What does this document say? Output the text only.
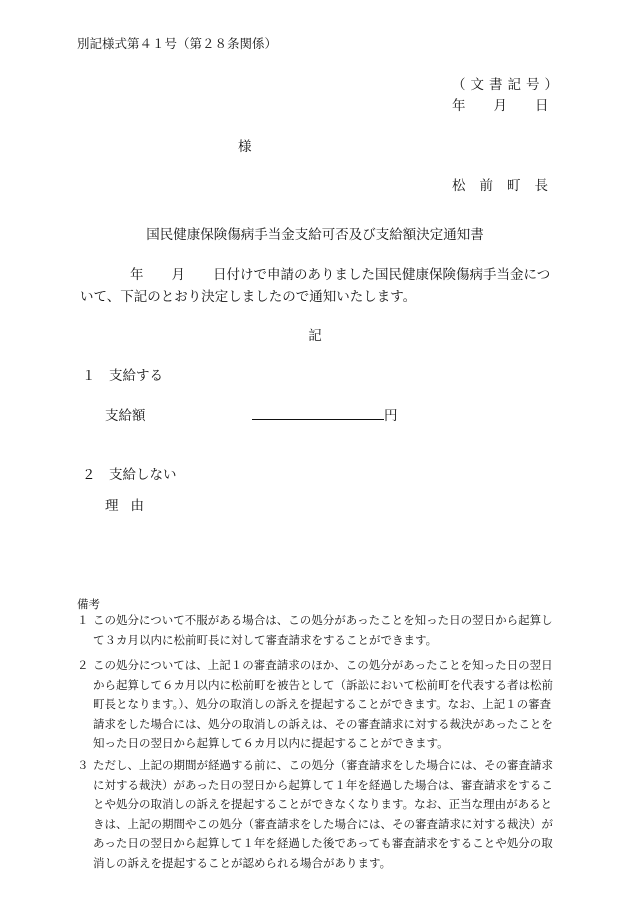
別記様式第４１号（第２８条関係）
（文書記号）
年 月 日
様
松前町長
国民健康保険傷病手当金支給可否及び支給額決定通知書
年 月 日付けで申請のありました国民健康保険傷病手当金について、下記のとおり決定しましたので通知いたします。
記
１　支給する
支給額	円
２　支給しない
理由
備考
１ この処分について不服がある場合は、この処分があったことを知った日の翌日から起算して３カ月以内に松前町長に対して審査請求をすることができます。
２ この処分については、上記１の審査請求のほか、この処分があったことを知った日の翌日から起算して６カ月以内に松前町を被告として（訴訟において松前町を代表する者は松前町長となります。）、処分の取消しの訴えを提起することができます。なお、上記１の審査請求をした場合には、処分の取消しの訴えは、その審査請求に対する裁決があったことを知った日の翌日から起算して６カ月以内に提起することができます。
３ ただし、上記の期間が経過する前に、この処分（審査請求をした場合には、その審査請求に対する裁決）があった日の翌日から起算して１年を経過した場合は、審査請求をすることや処分の取消しの訴えを提起することができなくなります。なお、正当な理由があるときは、上記の期間やこの処分（審査請求をした場合には、その審査請求に対する裁決）があった日の翌日から起算して１年を経過した後であっても審査請求をすることや処分の取消しの訴えを提起することが認められる場合があります。
